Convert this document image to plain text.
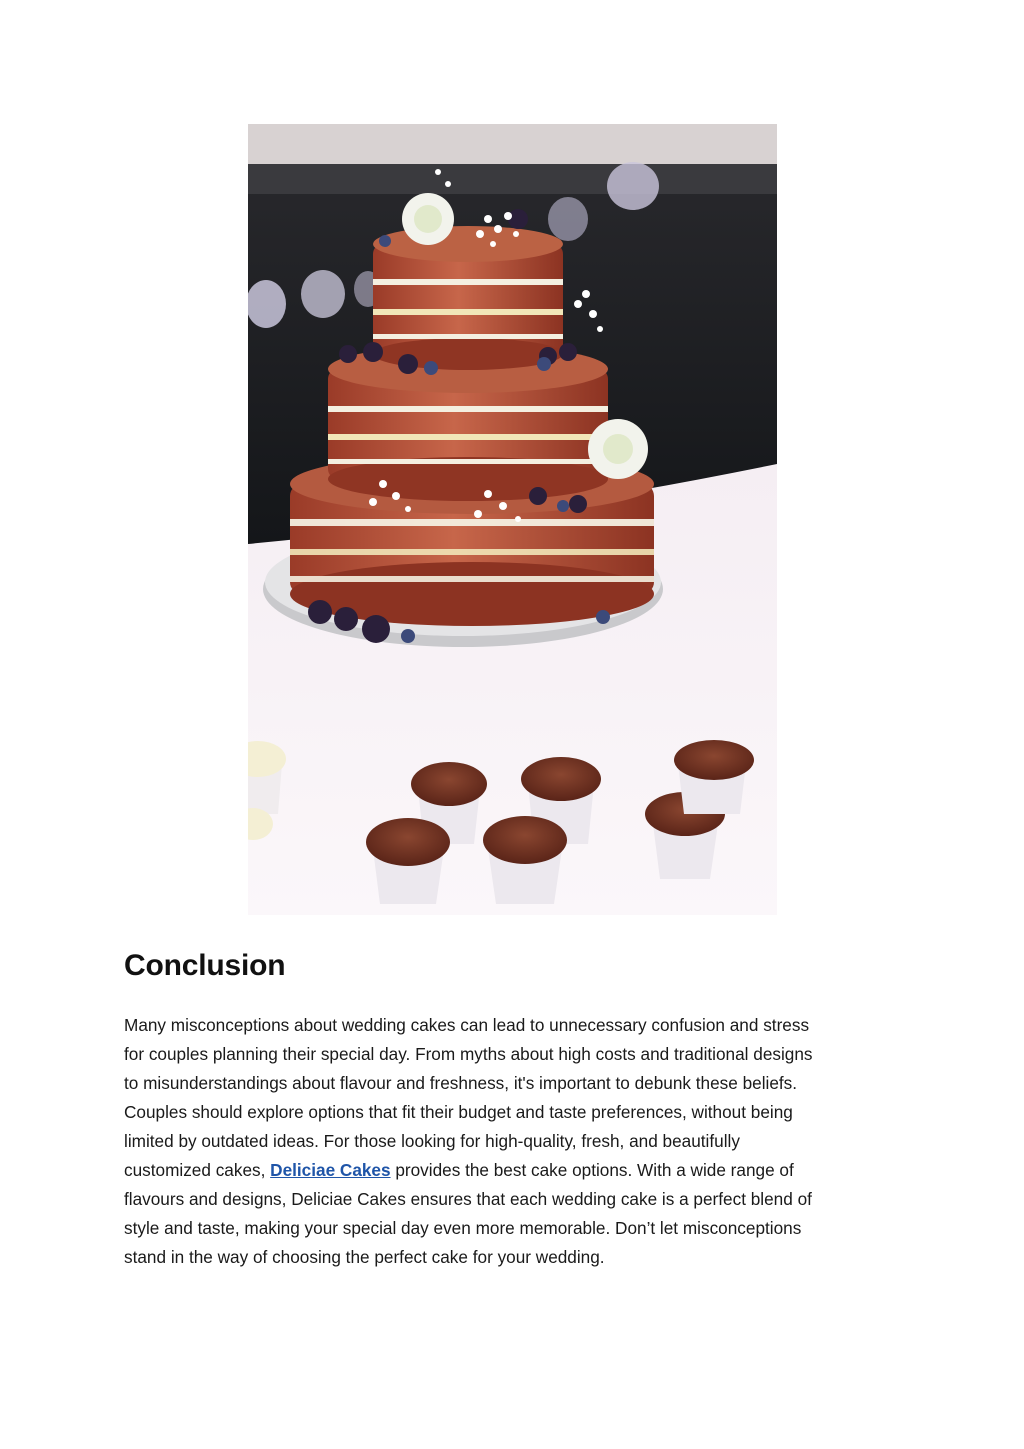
Conclusion

Many misconceptions about wedding cakes can lead to unnecessary confusion and stress
for couples planning their special day. From myths about high costs and traditional designs
to misunderstandings about flavour and freshness, it's important to debunk these beliefs.
Couples should explore options that fit their budget and taste preferences, without being
limited by outdated ideas. For those looking for high-quality, fresh, and beautifully
customized cakes, Deliciae Cakes provides the best cake options. With a wide range of
flavours and designs, Deliciae Cakes ensures that each wedding cake is a perfect blend of
style and taste, making your special day even more memorable. Don’t let misconceptions
stand in the way of choosing the perfect cake for your wedding.
